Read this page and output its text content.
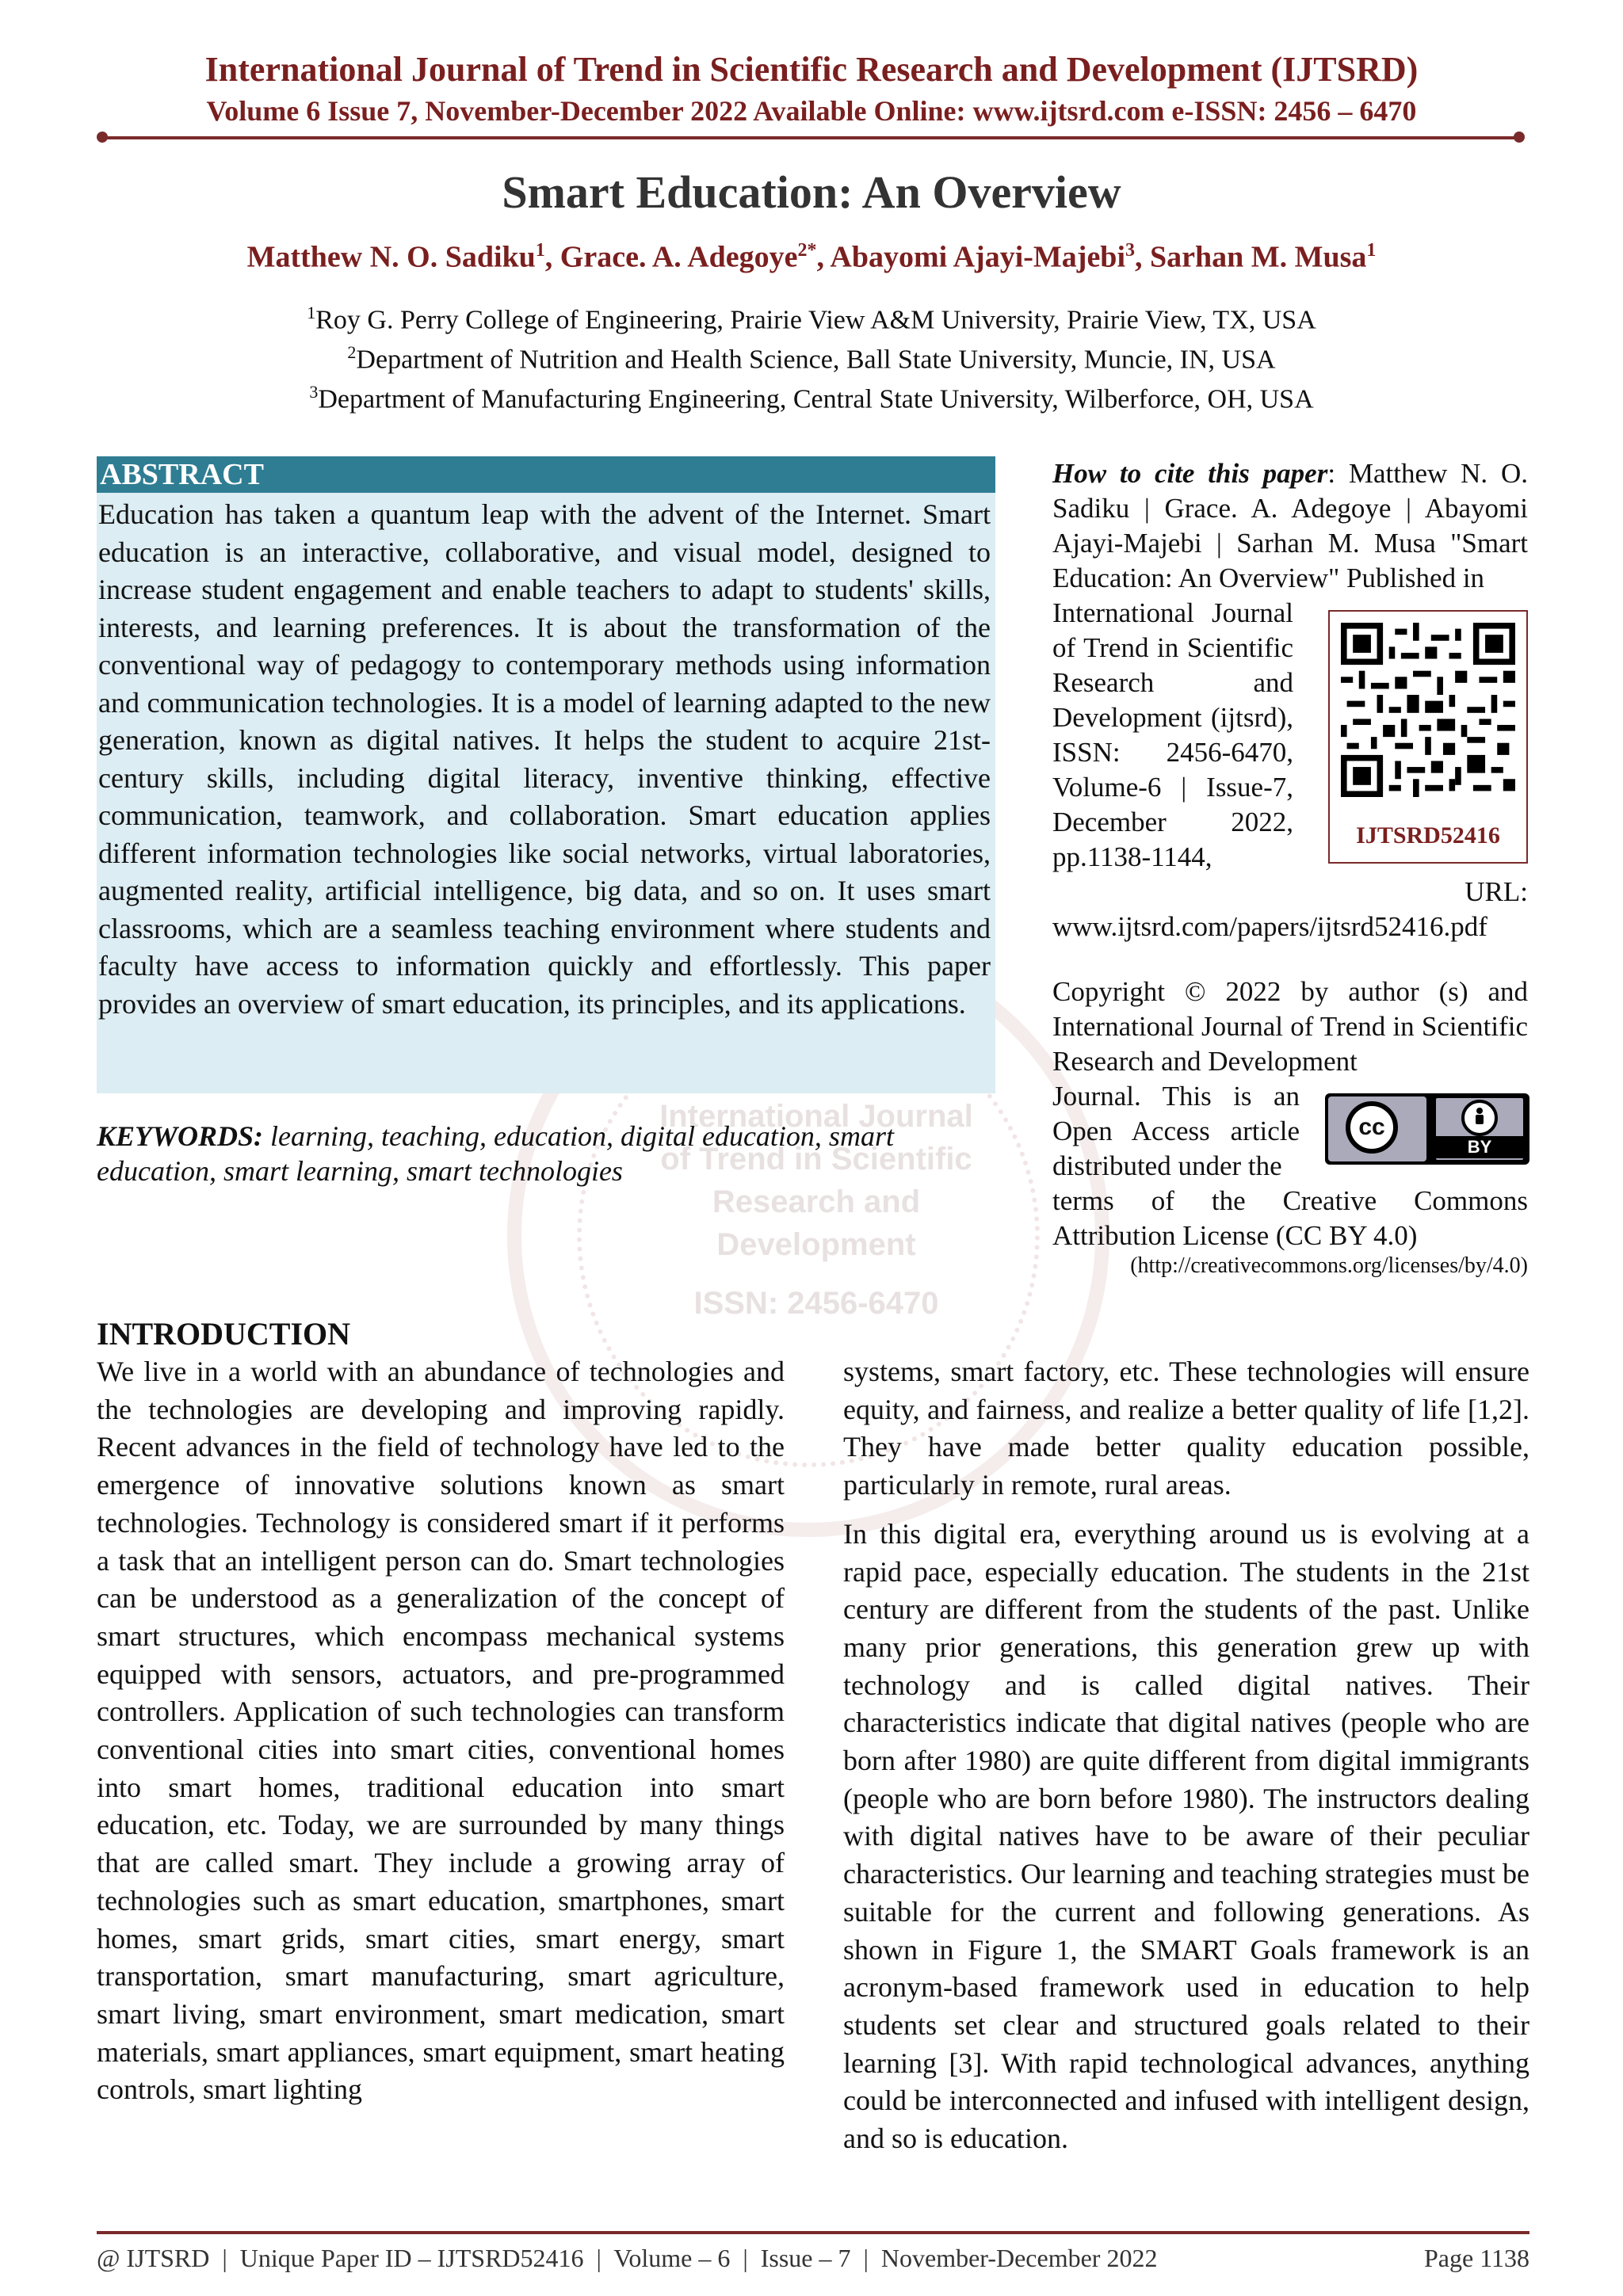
International Journal of Trend in Scientific Research and Development (IJTSRD)
Volume 6 Issue 7, November-December 2022 Available Online: www.ijtsrd.com e-ISSN: 2456 – 6470
Smart Education: An Overview
Matthew N. O. Sadiku$^1$, Grace. A. Adegoye$^{2*}$, Abayomi Ajayi-Majebi$^3$, Sarhan M. Musa$^1$
$^1$Roy G. Perry College of Engineering, Prairie View A&M University, Prairie View, TX, USA
$^2$Department of Nutrition and Health Science, Ball State University, Muncie, IN, USA
$^3$Department of Manufacturing Engineering, Central State University, Wilberforce, OH, USA
International Journal
of Trend in Scientific
Research and
Development
ISSN: 2456-6470
ABSTRACT
Education has taken a quantum leap with the advent of the Internet. Smart education is an interactive, collaborative, and visual model, designed to increase student engagement and enable teachers to adapt to students' skills, interests, and learning preferences. It is about the transformation of the conventional way of pedagogy to contemporary methods using information and communication technologies. It is a model of learning adapted to the new generation, known as digital natives. It helps the student to acquire 21st-century skills, including digital literacy, inventive thinking, effective communication, teamwork, and collaboration. Smart education applies different information technologies like social networks, virtual laboratories, augmented reality, artificial intelligence, big data, and so on. It uses smart classrooms, which are a seamless teaching environment where students and faculty have access to information quickly and effortlessly. This paper provides an overview of smart education, its principles, and its applications.
KEYWORDS: learning, teaching, education, digital education, smart education, smart learning, smart technologies
How to cite this paper: Matthew N. O. Sadiku | Grace. A. Adegoye | Abayomi Ajayi-Majebi | Sarhan M. Musa "Smart Education: An Overview" Published in
International Journal of Trend in Scientific Research and Development (ijtsrd), ISSN: 2456-6470, Volume-6 | Issue-7, December 2022, pp.1138-1144,
URL:
www.ijtsrd.com/papers/ijtsrd52416.pdf
IJTSRD52416
Copyright © 2022 by author (s) and International Journal of Trend in Scientific Research and Development
Journal. This is an Open Access article distributed under the
terms of the Creative Commons Attribution License (CC BY 4.0)
(http://creativecommons.org/licenses/by/4.0)
cc
BY
INTRODUCTION

We live in a world with an abundance of technologies and the technologies are developing and improving rapidly. Recent advances in the field of technology have led to the emergence of innovative solutions known as smart technologies. Technology is considered smart if it performs a task that an intelligent person can do. Smart technologies can be understood as a generalization of the concept of smart structures, which encompass mechanical systems equipped with sensors, actuators, and pre-programmed controllers. Application of such technologies can transform conventional cities into smart cities, conventional homes into smart homes, traditional education into smart education, etc. Today, we are surrounded by many things that are called smart. They include a growing array of technologies such as smart education, smartphones, smart homes, smart grids, smart cities, smart energy, smart transportation, smart manufacturing, smart agriculture, smart living, smart environment, smart medication, smart materials, smart appliances, smart equipment, smart heating controls, smart lighting

systems, smart factory, etc. These technologies will ensure equity, and fairness, and realize a better quality of life [1,2]. They have made better quality education possible, particularly in remote, rural areas.

In this digital era, everything around us is evolving at a rapid pace, especially education. The students in the 21st century are different from the students of the past. Unlike many prior generations, this generation grew up with technology and is called digital natives. Their characteristics indicate that digital natives (people who are born after 1980) are quite different from digital immigrants (people who are born before 1980). The instructors dealing with digital natives have to be aware of their peculiar characteristics. Our learning and teaching strategies must be suitable for the current and following generations. As shown in Figure 1, the SMART Goals framework is an acronym-based framework used in education to help students set clear and structured goals related to their learning [3]. With rapid technological advances, anything could be interconnected and infused with intelligent design, and so is education.

@ IJTSRD  |  Unique Paper ID – IJTSRD52416  |  Volume – 6  |  Issue – 7  |  November-December 2022	Page 1138
